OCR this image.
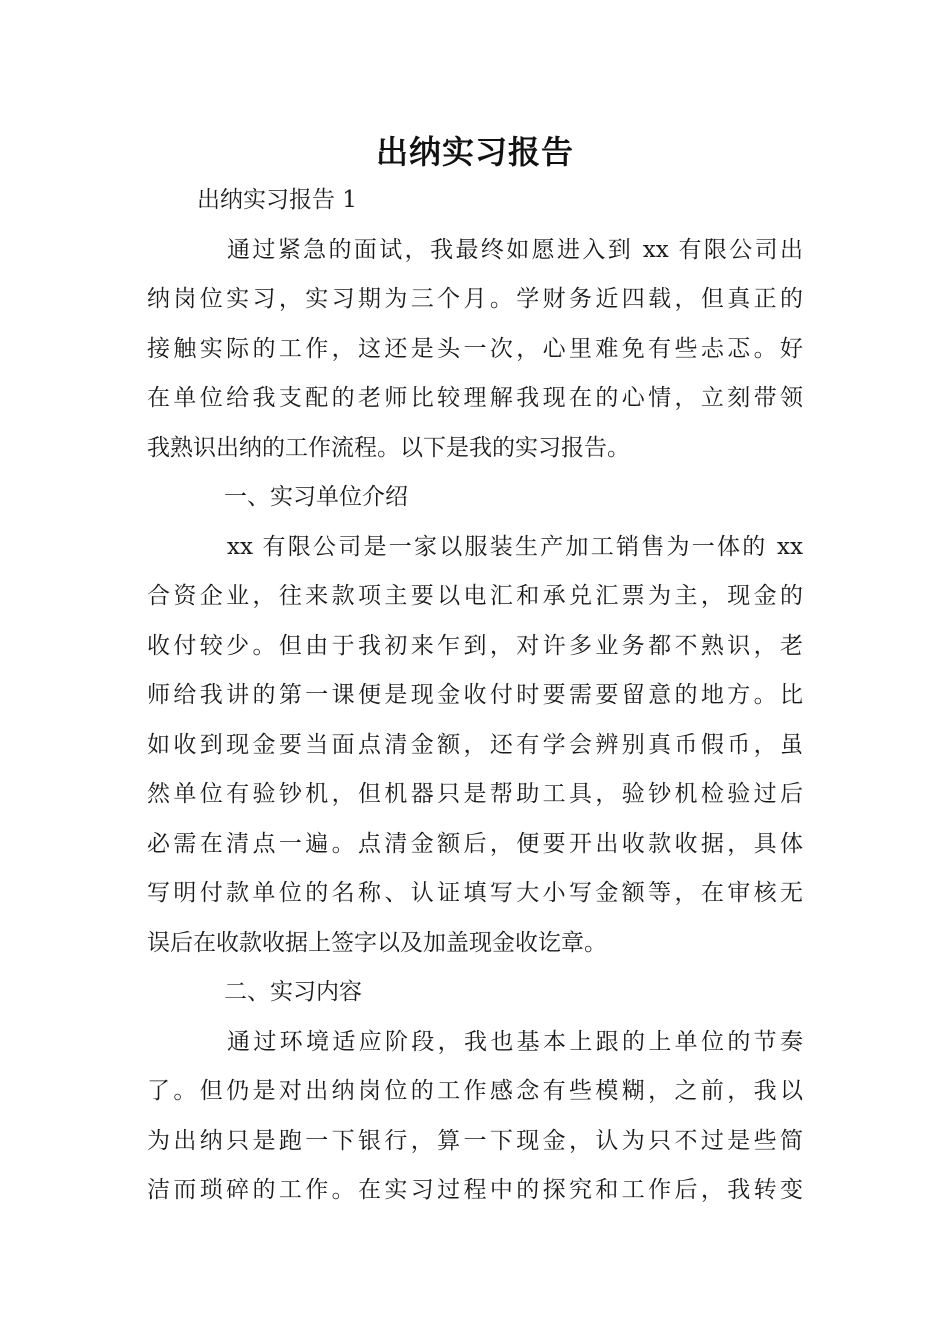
出纳实习报告
出纳实习报告 1
通过紧急的面试，我最终如愿进入到 xx 有限公司出
纳岗位实习，实习期为三个月。学财务近四载，但真正的
接触实际的工作，这还是头一次，心里难免有些忐忑。好
在单位给我支配的老师比较理解我现在的心情，立刻带领
我熟识出纳的工作流程。以下是我的实习报告。
一、实习单位介绍
xx 有限公司是一家以服装生产加工销售为一体的 xx
合资企业，往来款项主要以电汇和承兑汇票为主，现金的
收付较少。但由于我初来乍到，对许多业务都不熟识，老
师给我讲的第一课便是现金收付时要需要留意的地方。比
如收到现金要当面点清金额，还有学会辨别真币假币，虽
然单位有验钞机，但机器只是帮助工具，验钞机检验过后
必需在清点一遍。点清金额后，便要开出收款收据，具体
写明付款单位的名称、认证填写大小写金额等，在审核无
误后在收款收据上签字以及加盖现金收讫章。
二、实习内容
通过环境适应阶段，我也基本上跟的上单位的节奏
了。但仍是对出纳岗位的工作感念有些模糊，之前，我以
为出纳只是跑一下银行，算一下现金，认为只不过是些简
洁而琐碎的工作。在实习过程中的探究和工作后，我转变
